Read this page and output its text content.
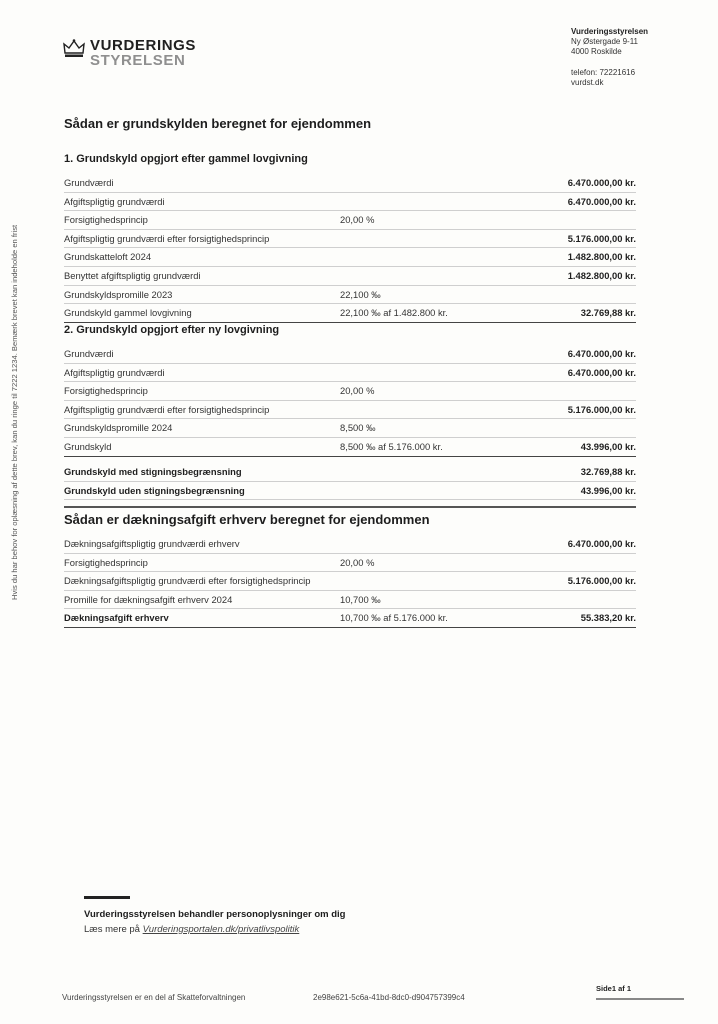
VURDERINGS
STYRELSEN
Vurderingsstyrelsen
Ny Østergade 9-11
4000 Roskilde
telefon: 72221616
vurdst.dk
Hvis du har behov for oplæsning af dette brev, kan du ringe til 7222 1234. Bemærk brevet kan indeholde en frist
Sådan er grundskylden beregnet for ejendommen
1. Grundskyld opgjort efter gammel lovgivning
Grundværdi	6.470.000,00 kr.
Afgiftspligtig grundværdi	6.470.000,00 kr.
Forsigtighedsprincip	20,00 %
Afgiftspligtig grundværdi efter forsigtighedsprincip	5.176.000,00 kr.
Grundskatteloft 2024	1.482.800,00 kr.
Benyttet afgiftspligtig grundværdi	1.482.800,00 kr.
Grundskyldspromille 2023	22,100 ‰
Grundskyld gammel lovgivning	22,100 ‰ af 1.482.800 kr.	32.769,88 kr.
2. Grundskyld opgjort efter ny lovgivning
Grundværdi	6.470.000,00 kr.
Afgiftspligtig grundværdi	6.470.000,00 kr.
Forsigtighedsprincip	20,00 %
Afgiftspligtig grundværdi efter forsigtighedsprincip	5.176.000,00 kr.
Grundskyldspromille 2024	8,500 ‰
Grundskyld	8,500 ‰ af 5.176.000 kr.	43.996,00 kr.
Grundskyld med stigningsbegrænsning	32.769,88 kr.
Grundskyld uden stigningsbegrænsning	43.996,00 kr.
Sådan er dækningsafgift erhverv beregnet for ejendommen
Dækningsafgiftspligtig grundværdi erhverv	6.470.000,00 kr.
Forsigtighedsprincip	20,00 %
Dækningsafgiftspligtig grundværdi efter forsigtighedsprincip	5.176.000,00 kr.
Promille for dækningsafgift erhverv 2024	10,700 ‰
Dækningsafgift erhverv	10,700 ‰ af 5.176.000 kr.	55.383,20 kr.
Vurderingsstyrelsen behandler personoplysninger om dig
Læs mere på Vurderingsportalen.dk/privatlivspolitik
Vurderingsstyrelsen er en del af Skatteforvaltningen	2e98e621-5c6a-41bd-8dc0-d904757399c4
Side1 af 1
